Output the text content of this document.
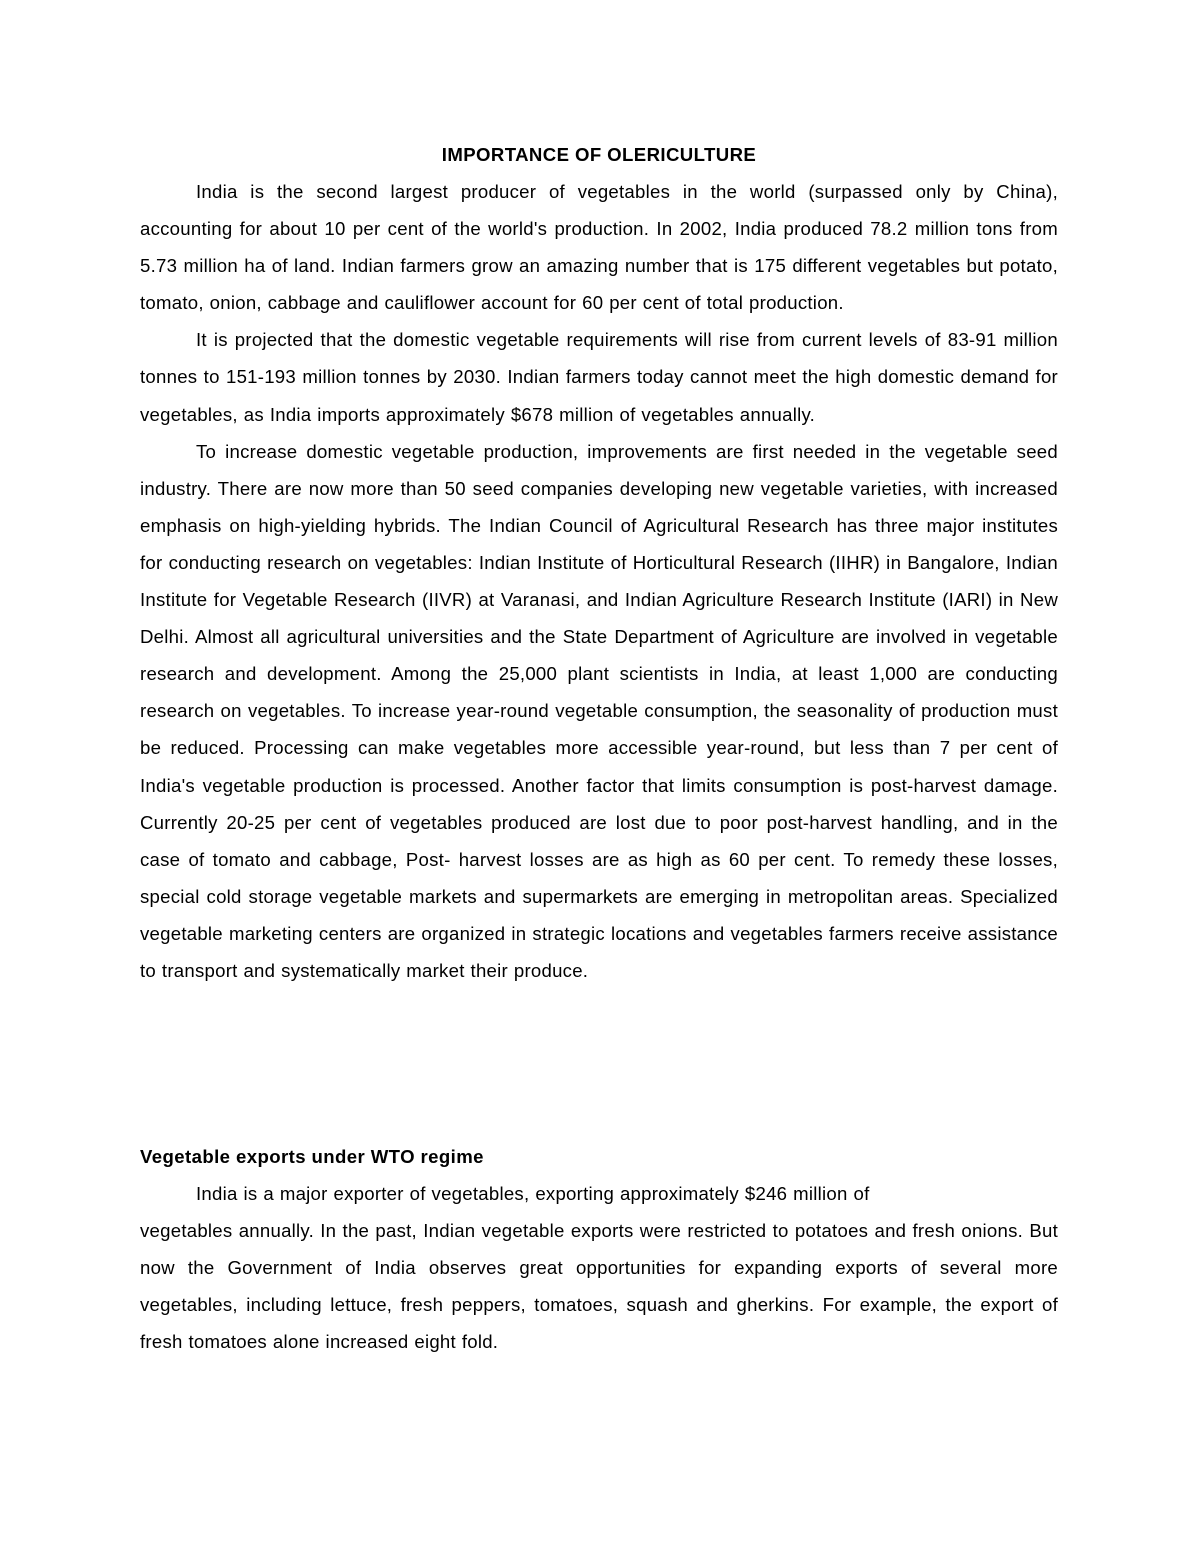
IMPORTANCE OF OLERICULTURE

India is the second largest producer of vegetables in the world (surpassed only by China), accounting for about 10 per cent of the world's production. In 2002, India produced 78.2 million tons from 5.73 million ha of land. Indian farmers grow an amazing number that is 175 different vegetables but potato, tomato, onion, cabbage and cauliflower account for 60 per cent of total production.

It is projected that the domestic vegetable requirements will rise from current levels of 83-91 million tonnes to 151-193 million tonnes by 2030. Indian farmers today cannot meet the high domestic demand for vegetables, as India imports approximately $678 million of vegetables annually.

To increase domestic vegetable production, improvements are first needed in the vegetable seed industry. There are now more than 50 seed companies developing new vegetable varieties, with increased emphasis on high-yielding hybrids. The Indian Council of Agricultural Research has three major institutes for conducting research on vegetables: Indian Institute of Horticultural Research (IIHR) in Bangalore, Indian Institute for Vegetable Research (IIVR) at Varanasi, and Indian Agriculture Research Institute (IARI) in New Delhi. Almost all agricultural universities and the State Department of Agriculture are involved in vegetable research and development. Among the 25,000 plant scientists in India, at least 1,000 are conducting research on vegetables. To increase year-round vegetable consumption, the seasonality of production must be reduced. Processing can make vegetables more accessible year-round, but less than 7 per cent of India's vegetable production is processed. Another factor that limits consumption is post-harvest damage. Currently 20-25 per cent of vegetables produced are lost due to poor post-harvest handling, and in the case of tomato and cabbage, Post- harvest losses are as high as 60 per cent. To remedy these losses, special cold storage vegetable markets and supermarkets are emerging in metropolitan areas. Specialized vegetable marketing centers are organized in strategic locations and vegetables farmers receive assistance to transport and systematically market their produce.

Vegetable exports under WTO regime

India is a major exporter of vegetables, exporting approximately $246 million of

vegetables annually. In the past, Indian vegetable exports were restricted to potatoes and fresh onions. But now the Government of India observes great opportunities for expanding exports of several more vegetables, including lettuce, fresh peppers, tomatoes, squash and gherkins. For example, the export of fresh tomatoes alone increased eight fold.
